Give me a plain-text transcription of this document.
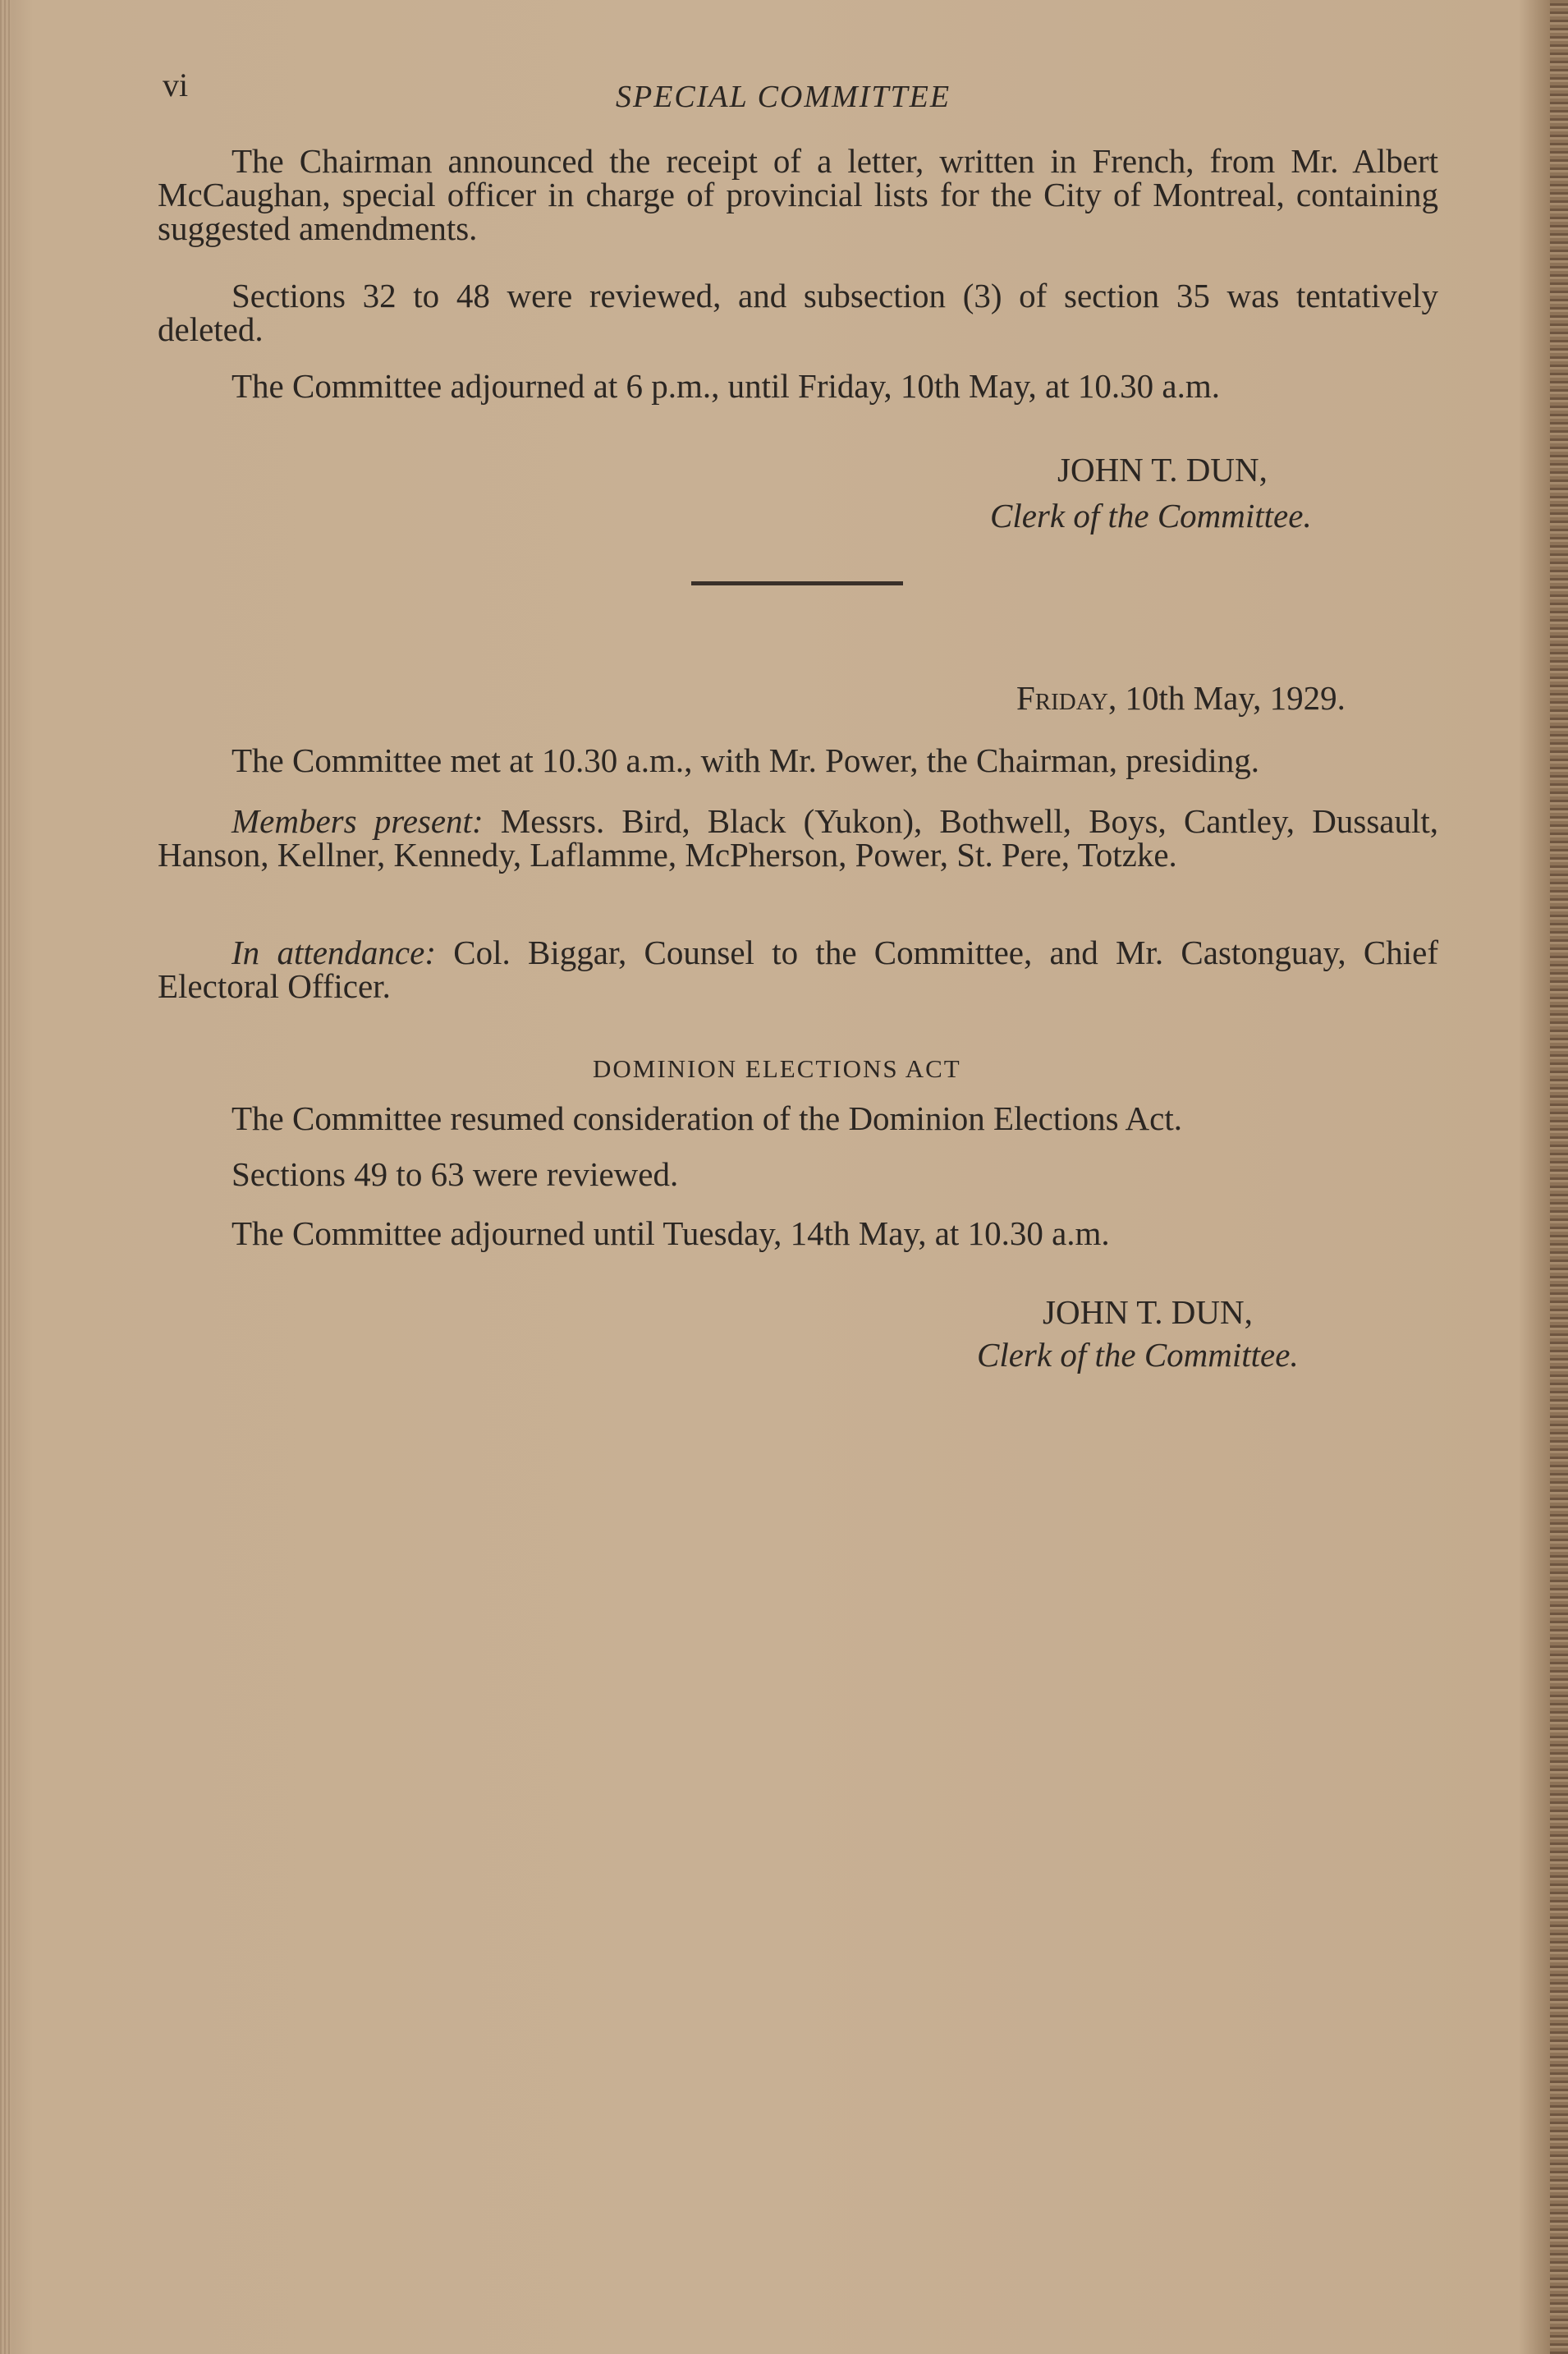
vi	SPECIAL COMMITTEE
The Chairman announced the receipt of a letter, written in French, from Mr. Albert McCaughan, special officer in charge of provincial lists for the City of Montreal, containing suggested amendments.
Sections 32 to 48 were reviewed, and subsection (3) of section 35 was tentatively deleted.
The Committee adjourned at 6 p.m., until Friday, 10th May, at 10.30 a.m.
JOHN T. DUN,
Clerk of the Committee.
Friday, 10th May, 1929.
The Committee met at 10.30 a.m., with Mr. Power, the Chairman, presiding.
Members present: Messrs. Bird, Black (Yukon), Bothwell, Boys, Cantley, Dussault, Hanson, Kellner, Kennedy, Laflamme, McPherson, Power, St. Pere, Totzke.
In attendance: Col. Biggar, Counsel to the Committee, and Mr. Castonguay, Chief Electoral Officer.
DOMINION ELECTIONS ACT
The Committee resumed consideration of the Dominion Elections Act.
Sections 49 to 63 were reviewed.
The Committee adjourned until Tuesday, 14th May, at 10.30 a.m.
JOHN T. DUN,
Clerk of the Committee.
